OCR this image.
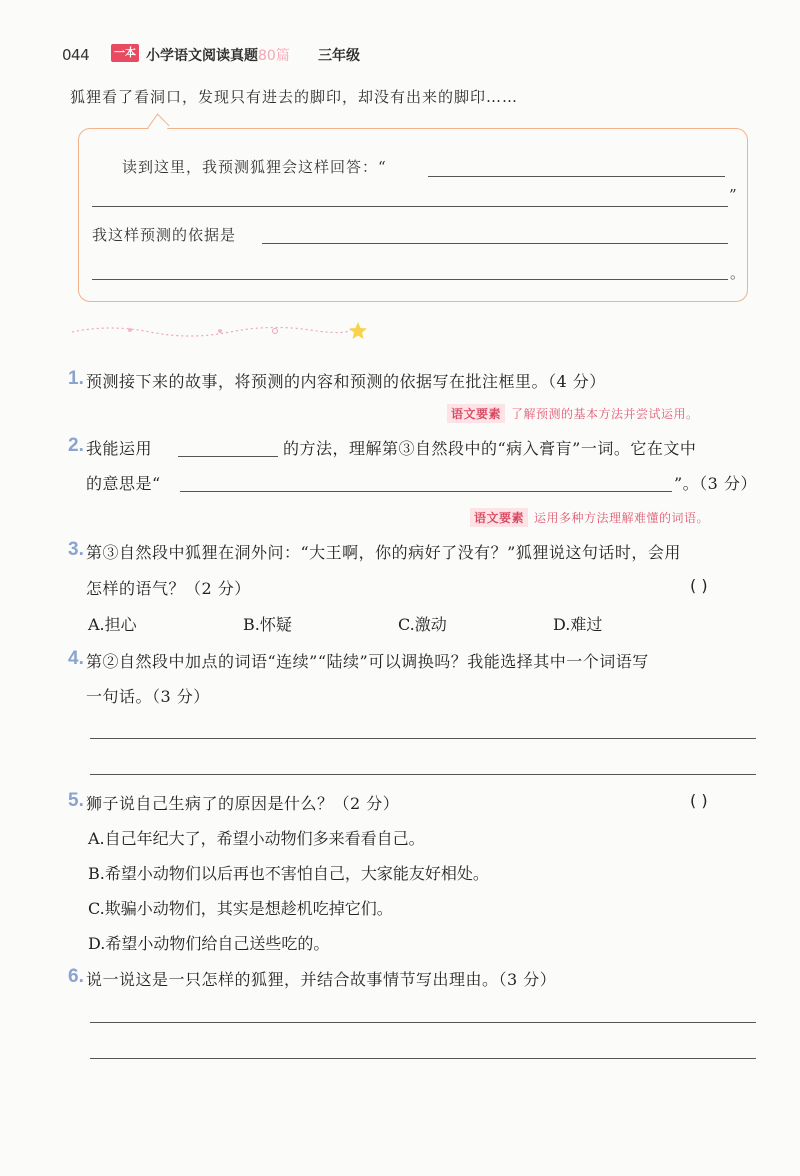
044 一本 小学语文阅读真题80篇 三年级
狐狸看了看洞口，发现只有进去的脚印，却没有出来的脚印……
读到这里，我预测狐狸会这样回答：“
”
我这样预测的依据是
。
1. 预测接下来的故事，将预测的内容和预测的依据写在批注框里。（4 分）
语文要素 了解预测的基本方法并尝试运用。
2. 我能运用	的方法，理解第③自然段中的“病入膏肓”一词。它在文中
的意思是“	”。（3 分）
语文要素 运用多种方法理解难懂的词语。
3. 第③自然段中狐狸在洞外问：“大王啊，你的病好了没有？”狐狸说这句话时，会用
怎样的语气？（2 分）	( )
A.担心	B.怀疑	C.激动	D.难过
4. 第②自然段中加点的词语“连续”“陆续”可以调换吗？我能选择其中一个词语写
一句话。（3 分）
5. 狮子说自己生病了的原因是什么？（2 分）	( )
A.自己年纪大了，希望小动物们多来看看自己。
B.希望小动物们以后再也不害怕自己，大家能友好相处。
C.欺骗小动物们，其实是想趁机吃掉它们。
D.希望小动物们给自己送些吃的。
6. 说一说这是一只怎样的狐狸，并结合故事情节写出理由。（3 分）
